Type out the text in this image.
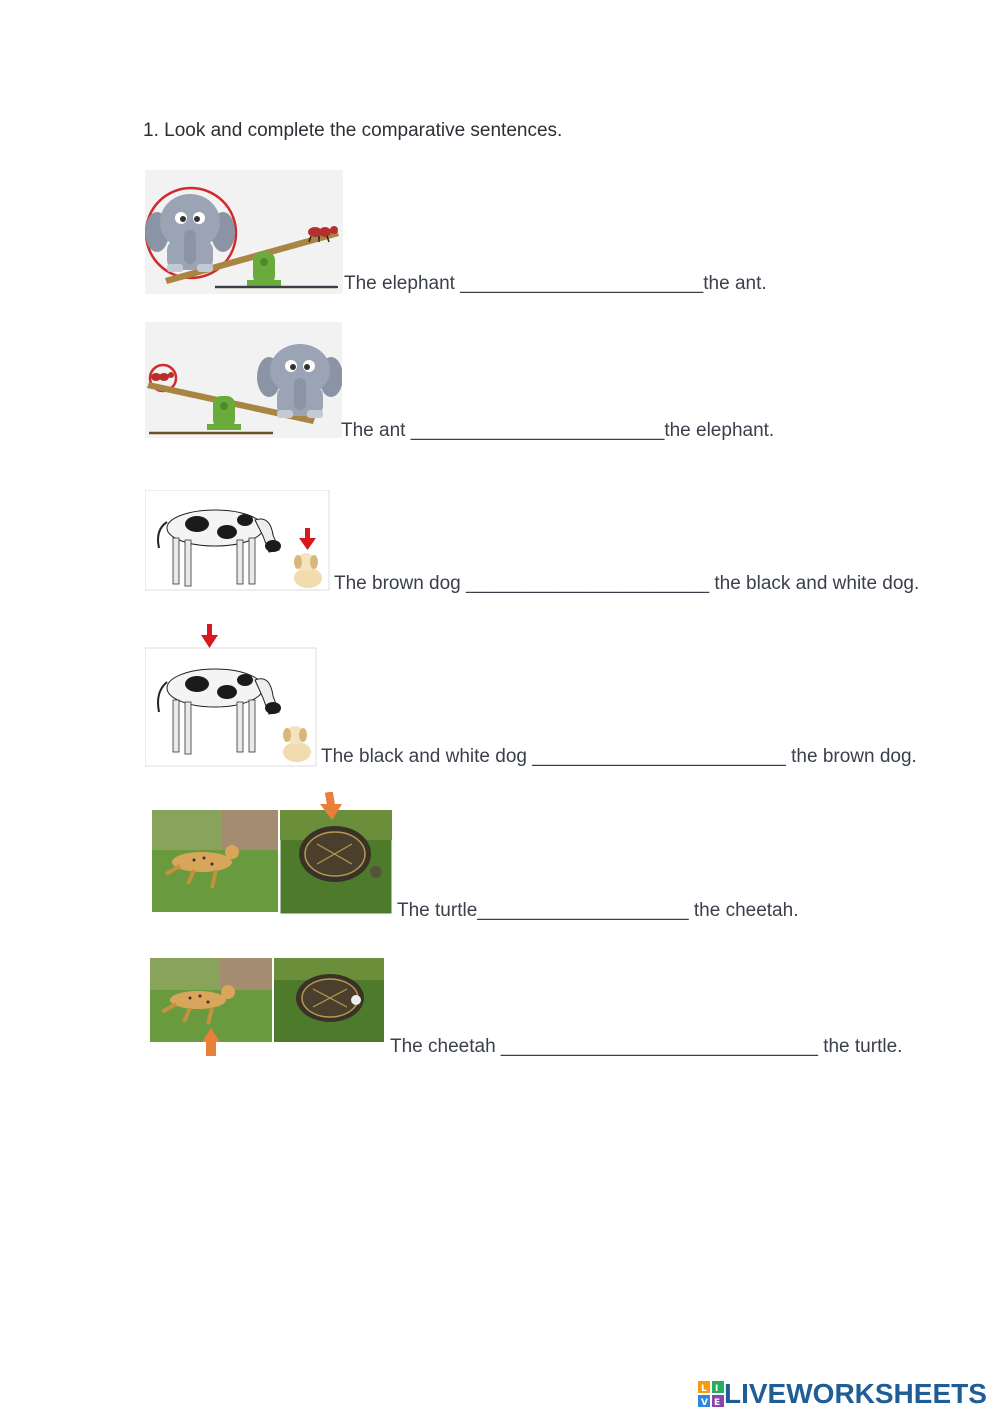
1. Look and complete the comparative sentences.
The elephant _______________________the ant.
The ant ________________________the elephant.
The brown dog _______________________ the black and white dog.
The black and white dog ________________________ the brown dog.
The turtle____________________ the cheetah.
The cheetah ______________________________ the turtle.
L I
V E LIVEWORKSHEETS
